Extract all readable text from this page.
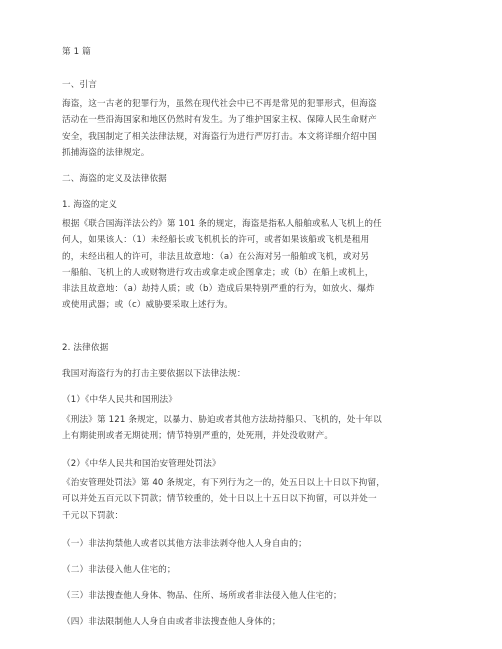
第 1 篇
一、引言
海盗，这一古老的犯罪行为，虽然在现代社会中已不再是常见的犯罪形式，但海盗
活动在一些沿海国家和地区仍然时有发生。为了维护国家主权、保障人民生命财产
安全，我国制定了相关法律法规，对海盗行为进行严厉打击。本文将详细介绍中国
抓捕海盗的法律规定。
二、海盗的定义及法律依据
1. 海盗的定义
根据《联合国海洋法公约》第 101 条的规定，海盗是指私人船舶或私人飞机上的任
何人，如果该人：（1）未经船长或飞机机长的许可，或者如果该船或飞机是租用
的，未经出租人的许可，非法且故意地：（a）在公海对另一船舶或飞机，或对另
一船舶、飞机上的人或财物进行攻击或拿走或企图拿走；或（b）在船上或机上，
非法且故意地：（a）劫持人质；或（b）造成后果特别严重的行为，如放火、爆炸
或使用武器；或（c）威胁要采取上述行为。
2. 法律依据
我国对海盗行为的打击主要依据以下法律法规：
（1）《中华人民共和国刑法》
《刑法》第 121 条规定，以暴力、胁迫或者其他方法劫持船只、飞机的，处十年以
上有期徒刑或者无期徒刑；情节特别严重的，处死刑，并处没收财产。
（2）《中华人民共和国治安管理处罚法》
《治安管理处罚法》第 40 条规定，有下列行为之一的，处五日以上十日以下拘留，
可以并处五百元以下罚款；情节较重的，处十日以上十五日以下拘留，可以并处一
千元以下罚款：
（一）非法拘禁他人或者以其他方法非法剥夺他人人身自由的；
（二）非法侵入他人住宅的；
（三）非法搜查他人身体、物品、住所、场所或者非法侵入他人住宅的；
（四）非法限制他人人身自由或者非法搜查他人身体的；
